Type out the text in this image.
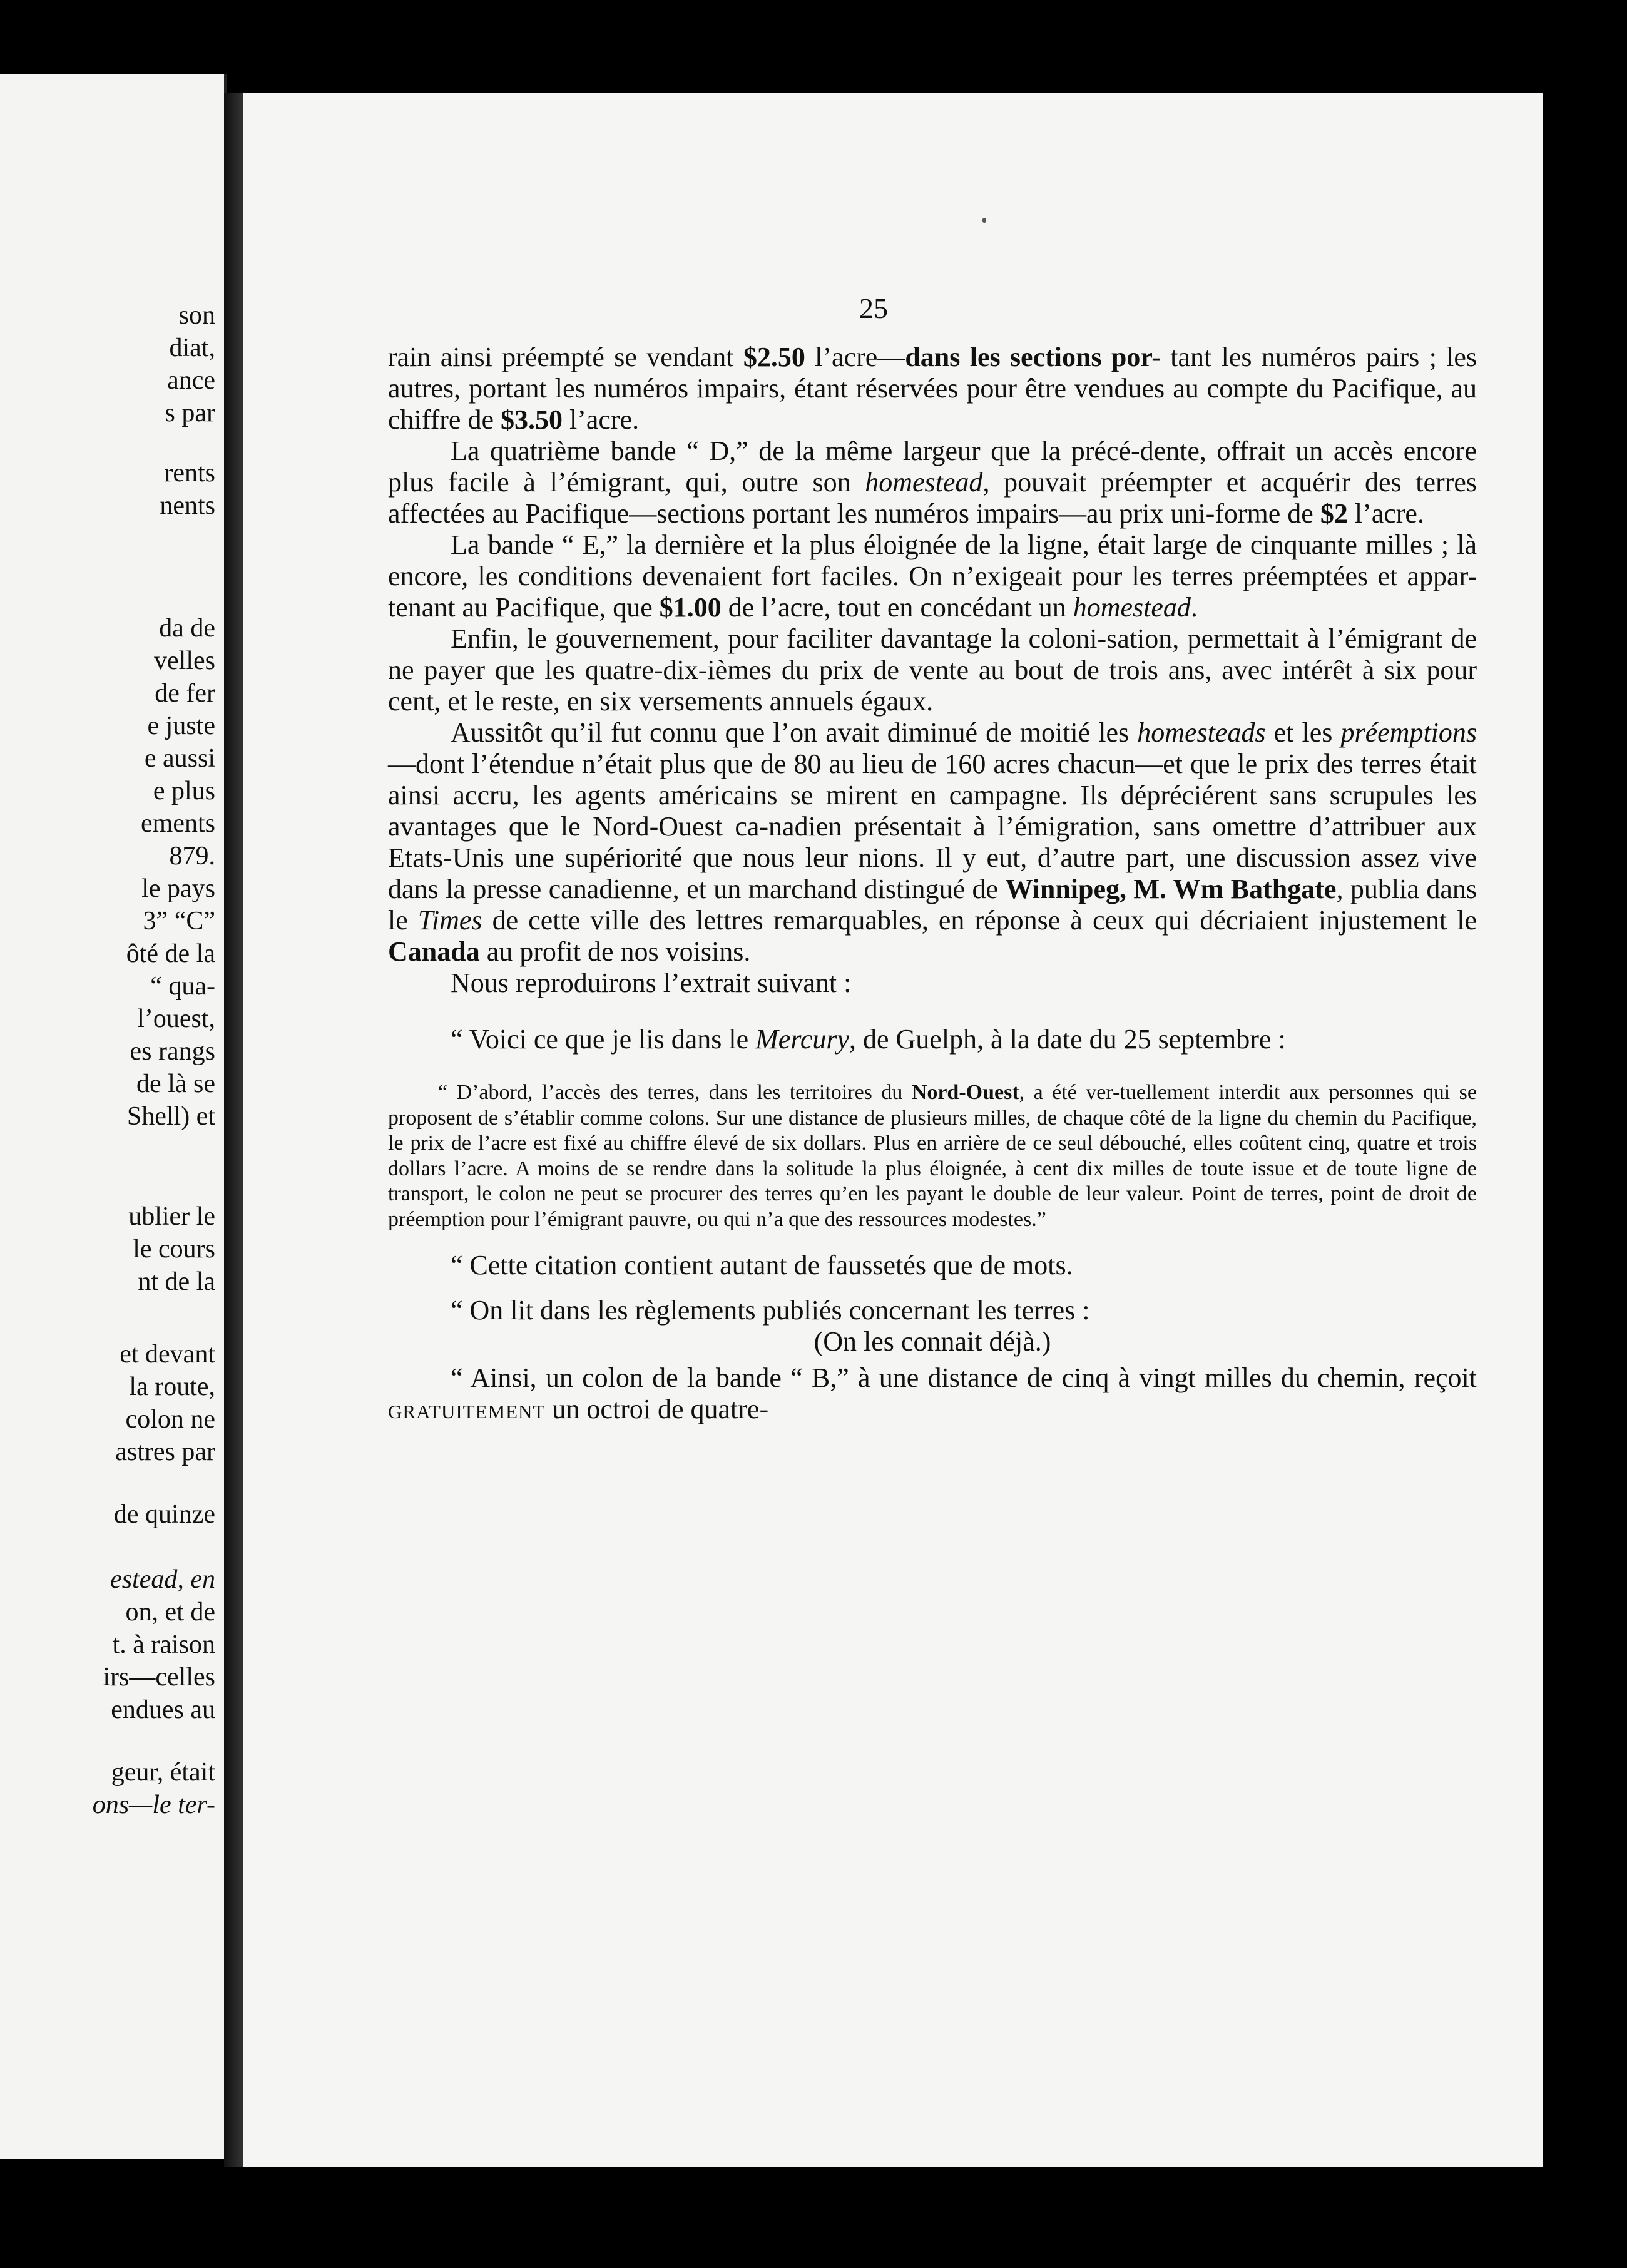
son
diat,
ance
s par
rents
nents
da de
velles
de fer
e juste
e aussi
e plus
ements
879.
le pays
3” “C”
ôté de la
“ qua-
l’ouest,
es rangs
de là se
Shell) et
ublier le
le cours
nt de la
et devant
la route,
colon ne
astres par
de quinze
estead, en
on, et de
t. à raison
irs—celles
endues au
geur, était
ons—le ter-
25

rain ainsi préempté se vendant $2.50 l’acre—dans les sections por- tant les numéros pairs ; les autres, portant les numéros impairs, étant réservées pour être vendues au compte du Pacifique, au chiffre de $3.50 l’acre.

La quatrième bande “ D,” de la même largeur que la précé-dente, offrait un accès encore plus facile à l’émigrant, qui, outre son homestead, pouvait préempter et acquérir des terres affectées au Pacifique—sections portant les numéros impairs—au prix uni-forme de $2 l’acre.

La bande “ E,” la dernière et la plus éloignée de la ligne, était large de cinquante milles ; là encore, les conditions devenaient fort faciles. On n’exigeait pour les terres préemptées et appar-tenant au Pacifique, que $1.00 de l’acre, tout en concédant un homestead.

Enfin, le gouvernement, pour faciliter davantage la coloni-sation, permettait à l’émigrant de ne payer que les quatre-dix-ièmes du prix de vente au bout de trois ans, avec intérêt à six pour cent, et le reste, en six versements annuels égaux.

Aussitôt qu’il fut connu que l’on avait diminué de moitié les homesteads et les préemptions—dont l’étendue n’était plus que de 80 au lieu de 160 acres chacun—et que le prix des terres était ainsi accru, les agents américains se mirent en campagne. Ils dépréciérent sans scrupules les avantages que le Nord-Ouest ca-nadien présentait à l’émigration, sans omettre d’attribuer aux Etats-Unis une supériorité que nous leur nions. Il y eut, d’autre part, une discussion assez vive dans la presse canadienne, et un marchand distingué de Winnipeg, M. Wm Bathgate, publia dans le Times de cette ville des lettres remarquables, en réponse à ceux qui décriaient injustement le Canada au profit de nos voisins.

Nous reproduirons l’extrait suivant :

“ Voici ce que je lis dans le Mercury, de Guelph, à la date du 25 septembre :

“ D’abord, l’accès des terres, dans les territoires du Nord-Ouest, a été ver-tuellement interdit aux personnes qui se proposent de s’établir comme colons. Sur une distance de plusieurs milles, de chaque côté de la ligne du chemin du Pacifique, le prix de l’acre est fixé au chiffre élevé de six dollars. Plus en arrière de ce seul débouché, elles coûtent cinq, quatre et trois dollars l’acre. A moins de se rendre dans la solitude la plus éloignée, à cent dix milles de toute issue et de toute ligne de transport, le colon ne peut se procurer des terres qu’en les payant le double de leur valeur. Point de terres, point de droit de préemption pour l’émigrant pauvre, ou qui n’a que des ressources modestes.”

“ Cette citation contient autant de faussetés que de mots.

“ On lit dans les règlements publiés concernant les terres :

(On les connait déjà.)

“ Ainsi, un colon de la bande “ B,” à une distance de cinq à vingt milles du chemin, reçoit gratuitement un octroi de quatre-
